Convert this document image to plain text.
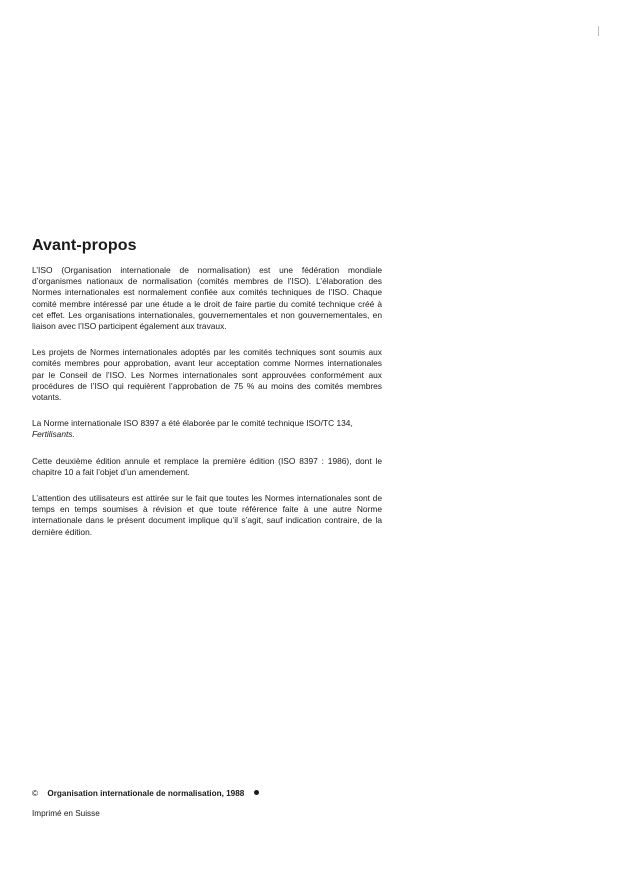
Avant-propos

L’ISO (Organisation internationale de normalisation) est une fédération mondiale d’organismes nationaux de normalisation (comités membres de l’ISO). L’élaboration des Normes internationales est normalement confiée aux comités techniques de l’ISO. Chaque comité membre intéressé par une étude a le droit de faire partie du comité technique créé à cet effet. Les organisations internationales, gouvernementales et non gouvernementales, en liaison avec l’ISO participent également aux travaux.

Les projets de Normes internationales adoptés par les comités techniques sont soumis aux comités membres pour approbation, avant leur acceptation comme Normes internationales par le Conseil de l’ISO. Les Normes internationales sont approuvées conformément aux procédures de l’ISO qui requièrent l’approbation de 75 % au moins des comités membres votants.

La Norme internationale ISO 8397 a été élaborée par le comité technique ISO/TC 134,
Fertilisants.

Cette deuxième édition annule et remplace la première édition (ISO 8397 : 1986), dont le chapitre 10 a fait l’objet d’un amendement.

L’attention des utilisateurs est attirée sur le fait que toutes les Normes internationales sont de temps en temps soumises à révision et que toute référence faite à une autre Norme internationale dans le présent document implique qu’il s’agit, sauf indication contraire, de la dernière édition.

© Organisation internationale de normalisation, 1988
Imprimé en Suisse
